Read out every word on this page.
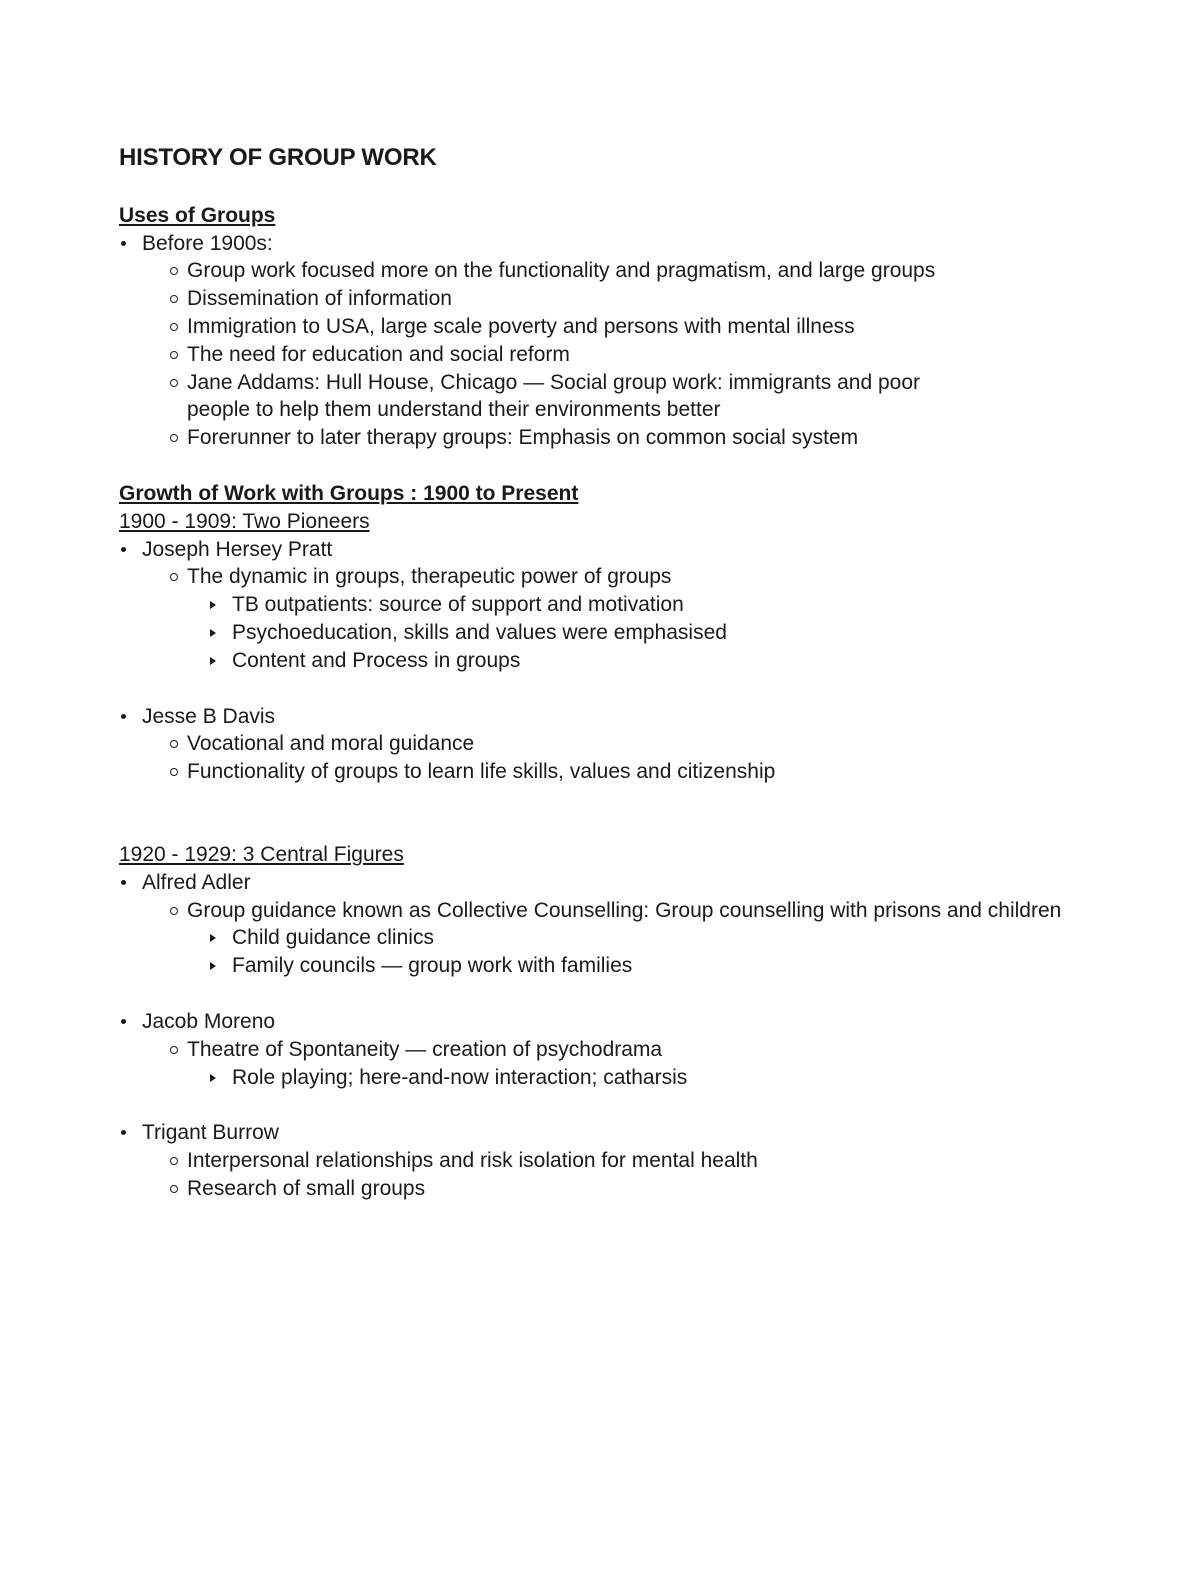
HISTORY OF GROUP WORK
Uses of Groups
Before 1900s:
Group work focused more on the functionality and pragmatism, and large groups
Dissemination of information
Immigration to USA, large scale poverty and persons with mental illness
The need for education and social reform
Jane Addams: Hull House, Chicago — Social group work: immigrants and poor people to help them understand their environments better
Forerunner to later therapy groups: Emphasis on common social system
Growth of Work with Groups : 1900 to Present
1900 - 1909: Two Pioneers
Joseph Hersey Pratt
The dynamic in groups, therapeutic power of groups
TB outpatients: source of support and motivation
Psychoeducation, skills and values were emphasised
Content and Process in groups
Jesse B Davis
Vocational and moral guidance
Functionality of groups to learn life skills, values and citizenship
1920 - 1929: 3 Central Figures
Alfred Adler
Group guidance known as Collective Counselling: Group counselling with prisons and children
Child guidance clinics
Family councils — group work with families
Jacob Moreno
Theatre of Spontaneity — creation of psychodrama
Role playing; here-and-now interaction; catharsis
Trigant Burrow
Interpersonal relationships and risk isolation for mental health
Research of small groups
